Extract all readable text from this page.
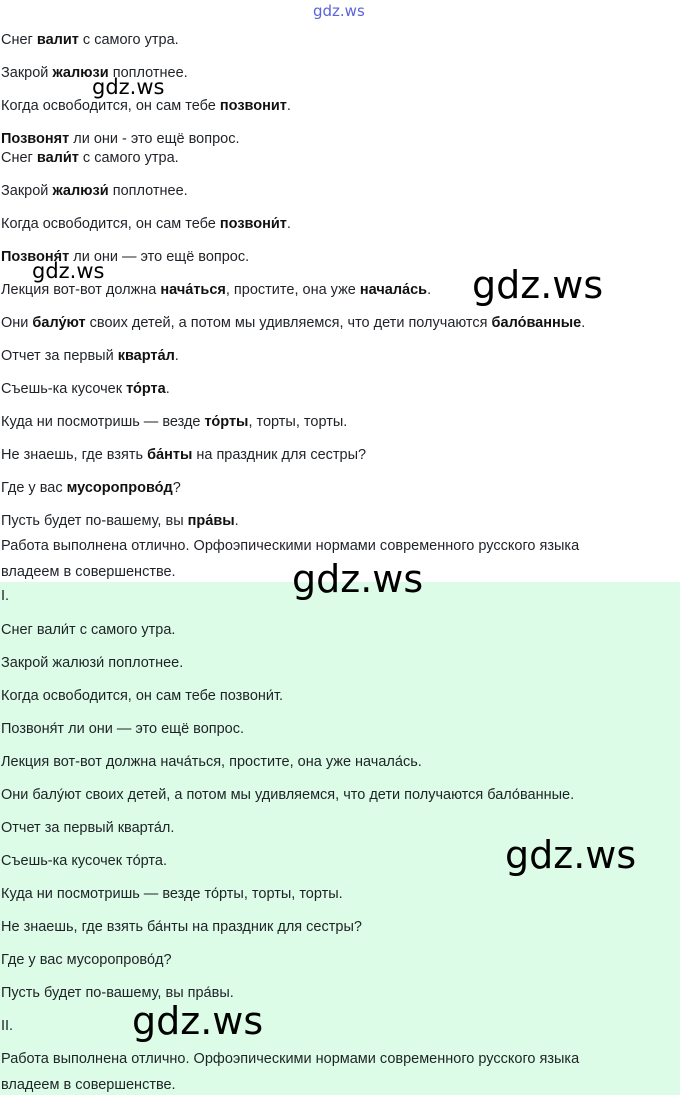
Снег валит с самого утра.
Закрой жалюзи поплотнее.
Когда освободится, он сам тебе позвонит.
Позвонят ли они - это ещё вопрос.
Снег вали́т с самого утра.
Закрой жалюзи́ поплотнее.
Когда освободится, он сам тебе позвони́т.
Позвоня́т ли они — это ещё вопрос.
Лекция вот-вот должна нача́ться, простите, она уже начала́сь.
Они балу́ют своих детей, а потом мы удивляемся, что дети получаются бало́ванные.
Отчет за первый кварта́л.
Съешь-ка кусочек то́рта.
Куда ни посмотришь — везде то́рты, торты, торты.
Не знаешь, где взять ба́нты на праздник для сестры?
Где у вас мусоропрово́д?
Пусть будет по-вашему, вы пра́вы.
Работа выполнена отлично. Орфоэпическими нормами современного русского языка
владеем в совершенстве.
I.
Снег вали́т с самого утра.
Закрой жалюзи́ поплотнее.
Когда освободится, он сам тебе позвони́т.
Позвоня́т ли они — это ещё вопрос.
Лекция вот-вот должна нача́ться, простите, она уже начала́сь.
Они балу́ют своих детей, а потом мы удивляемся, что дети получаются бало́ванные.
Отчет за первый кварта́л.
Съешь-ка кусочек то́рта.
Куда ни посмотришь — везде то́рты, торты, торты.
Не знаешь, где взять ба́нты на праздник для сестры?
Где у вас мусоропрово́д?
Пусть будет по-вашему, вы пра́вы.
II.
Работа выполнена отлично. Орфоэпическими нормами современного русского языка
владеем в совершенстве.
gdz.ws
gdz.ws
gdz.ws	gdz.ws
gdz.ws
gdz.ws
gdz.ws
